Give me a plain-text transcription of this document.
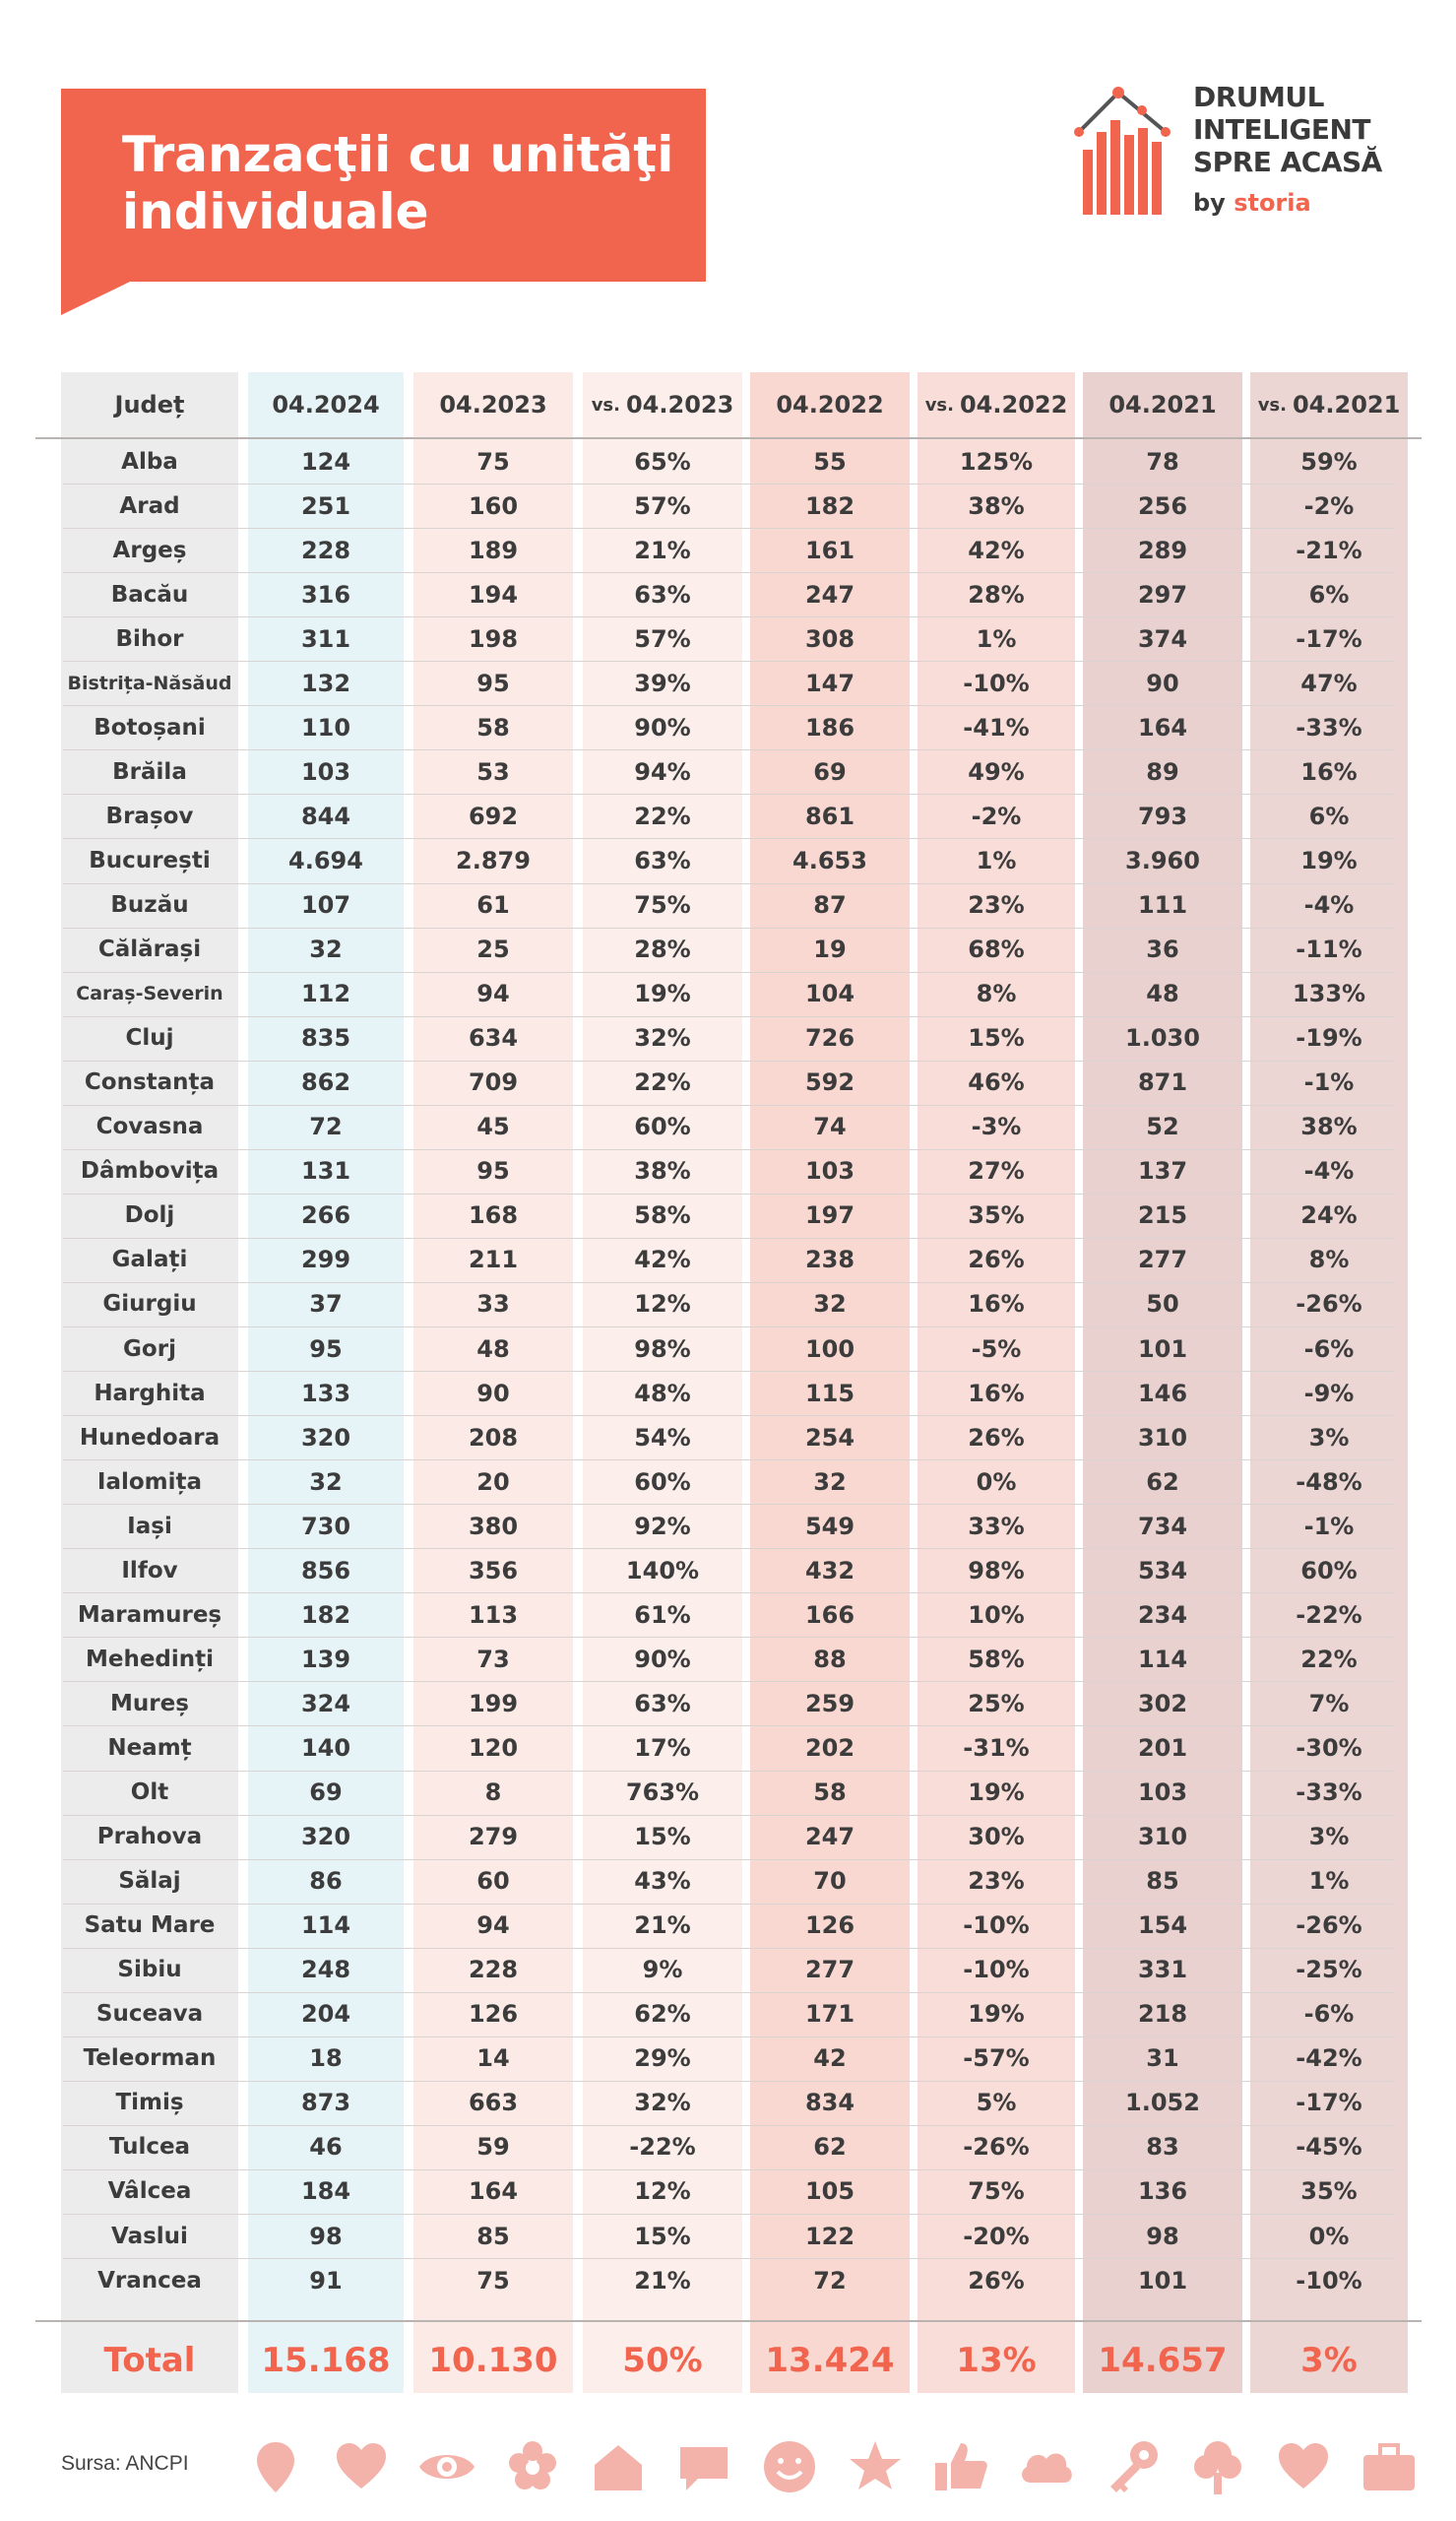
Tranzacţii cu unităţi individuale
DRUMUL
INTELIGENT
SPRE ACASĂ
by storia
Județ	04.2024	04.2023	vs. 04.2023	04.2022	vs. 04.2022	04.2021	vs. 04.2021
Alba	124	75	65%	55	125%	78	59%
Arad	251	160	57%	182	38%	256	-2%
Argeș	228	189	21%	161	42%	289	-21%
Bacău	316	194	63%	247	28%	297	6%
Bihor	311	198	57%	308	1%	374	-17%
Bistrița-Năsăud	132	95	39%	147	-10%	90	47%
Botoșani	110	58	90%	186	-41%	164	-33%
Brăila	103	53	94%	69	49%	89	16%
Brașov	844	692	22%	861	-2%	793	6%
București	4.694	2.879	63%	4.653	1%	3.960	19%
Buzău	107	61	75%	87	23%	111	-4%
Călărași	32	25	28%	19	68%	36	-11%
Caraș-Severin	112	94	19%	104	8%	48	133%
Cluj	835	634	32%	726	15%	1.030	-19%
Constanța	862	709	22%	592	46%	871	-1%
Covasna	72	45	60%	74	-3%	52	38%
Dâmbovița	131	95	38%	103	27%	137	-4%
Dolj	266	168	58%	197	35%	215	24%
Galați	299	211	42%	238	26%	277	8%
Giurgiu	37	33	12%	32	16%	50	-26%
Gorj	95	48	98%	100	-5%	101	-6%
Harghita	133	90	48%	115	16%	146	-9%
Hunedoara	320	208	54%	254	26%	310	3%
Ialomița	32	20	60%	32	0%	62	-48%
Iași	730	380	92%	549	33%	734	-1%
Ilfov	856	356	140%	432	98%	534	60%
Maramureș	182	113	61%	166	10%	234	-22%
Mehedinți	139	73	90%	88	58%	114	22%
Mureș	324	199	63%	259	25%	302	7%
Neamț	140	120	17%	202	-31%	201	-30%
Olt	69	8	763%	58	19%	103	-33%
Prahova	320	279	15%	247	30%	310	3%
Sălaj	86	60	43%	70	23%	85	1%
Satu Mare	114	94	21%	126	-10%	154	-26%
Sibiu	248	228	9%	277	-10%	331	-25%
Suceava	204	126	62%	171	19%	218	-6%
Teleorman	18	14	29%	42	-57%	31	-42%
Timiș	873	663	32%	834	5%	1.052	-17%
Tulcea	46	59	-22%	62	-26%	83	-45%
Vâlcea	184	164	12%	105	75%	136	35%
Vaslui	98	85	15%	122	-20%	98	0%
Vrancea	91	75	21%	72	26%	101	-10%
Total	15.168	10.130	50%	13.424	13%	14.657	3%
Sursa: ANCPI
